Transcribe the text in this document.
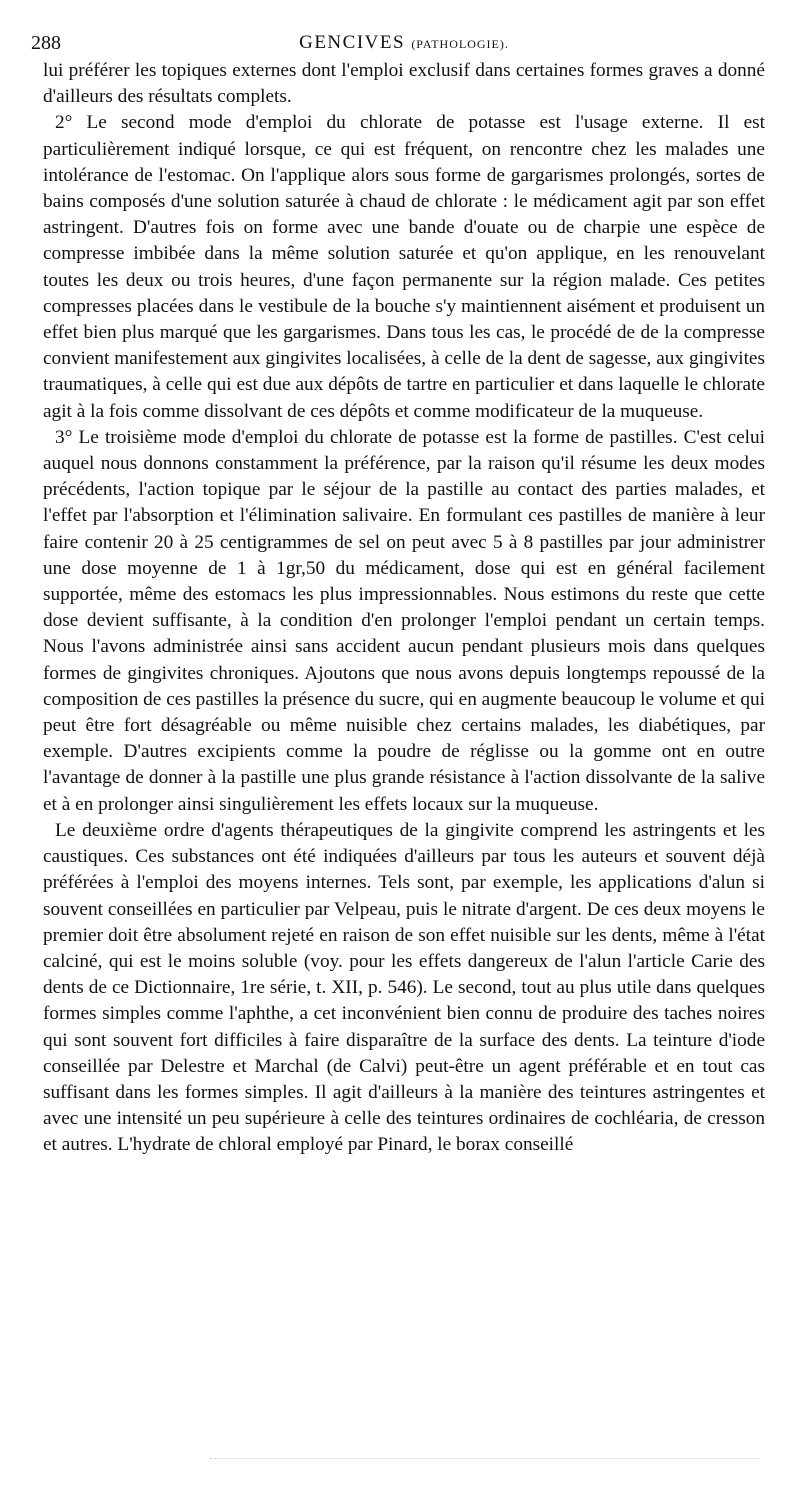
288	GENCIVES (PATHOLOGIE).

lui préférer les topiques externes dont l'emploi exclusif dans certaines formes graves a donné d'ailleurs des résultats complets.

2° Le second mode d'emploi du chlorate de potasse est l'usage externe. Il est particulièrement indiqué lorsque, ce qui est fréquent, on rencontre chez les malades une intolérance de l'estomac. On l'applique alors sous forme de gargarismes prolongés, sortes de bains composés d'une solution saturée à chaud de chlorate : le médicament agit par son effet astringent. D'autres fois on forme avec une bande d'ouate ou de charpie une espèce de compresse imbibée dans la même solution saturée et qu'on applique, en les renouvelant toutes les deux ou trois heures, d'une façon permanente sur la région malade. Ces petites compresses placées dans le vestibule de la bouche s'y maintiennent aisément et produisent un effet bien plus marqué que les gargarismes. Dans tous les cas, le procédé de de la compresse convient manifestement aux gingivites localisées, à celle de la dent de sagesse, aux gingivites traumatiques, à celle qui est due aux dépôts de tartre en particulier et dans laquelle le chlorate agit à la fois comme dissolvant de ces dépôts et comme modificateur de la muqueuse.

3° Le troisième mode d'emploi du chlorate de potasse est la forme de pastilles. C'est celui auquel nous donnons constamment la préférence, par la raison qu'il résume les deux modes précédents, l'action topique par le séjour de la pastille au contact des parties malades, et l'effet par l'absorption et l'élimination salivaire. En formulant ces pastilles de manière à leur faire contenir 20 à 25 centigrammes de sel on peut avec 5 à 8 pastilles par jour administrer une dose moyenne de 1 à 1gr,50 du médicament, dose qui est en général facilement supportée, même des estomacs les plus impressionnables. Nous estimons du reste que cette dose devient suffisante, à la condition d'en prolonger l'emploi pendant un certain temps. Nous l'avons administrée ainsi sans accident aucun pendant plusieurs mois dans quelques formes de gingivites chroniques. Ajoutons que nous avons depuis longtemps repoussé de la composition de ces pastilles la présence du sucre, qui en augmente beaucoup le volume et qui peut être fort désagréable ou même nuisible chez certains malades, les diabétiques, par exemple. D'autres excipients comme la poudre de réglisse ou la gomme ont en outre l'avantage de donner à la pastille une plus grande résistance à l'action dissolvante de la salive et à en prolonger ainsi singulièrement les effets locaux sur la muqueuse.

Le deuxième ordre d'agents thérapeutiques de la gingivite comprend les astringents et les caustiques. Ces substances ont été indiquées d'ailleurs par tous les auteurs et souvent déjà préférées à l'emploi des moyens internes. Tels sont, par exemple, les applications d'alun si souvent conseillées en particulier par Velpeau, puis le nitrate d'argent. De ces deux moyens le premier doit être absolument rejeté en raison de son effet nuisible sur les dents, même à l'état calciné, qui est le moins soluble (voy. pour les effets dangereux de l'alun l'article Carie des dents de ce Dictionnaire, 1re série, t. XII, p. 546). Le second, tout au plus utile dans quelques formes simples comme l'aphthe, a cet inconvénient bien connu de produire des taches noires qui sont souvent fort difficiles à faire disparaître de la surface des dents. La teinture d'iode conseillée par Delestre et Marchal (de Calvi) peut-être un agent préférable et en tout cas suffisant dans les formes simples. Il agit d'ailleurs à la manière des teintures astringentes et avec une intensité un peu supérieure à celle des teintures ordinaires de cochléaria, de cresson et autres. L'hydrate de chloral employé par Pinard, le borax conseillé
